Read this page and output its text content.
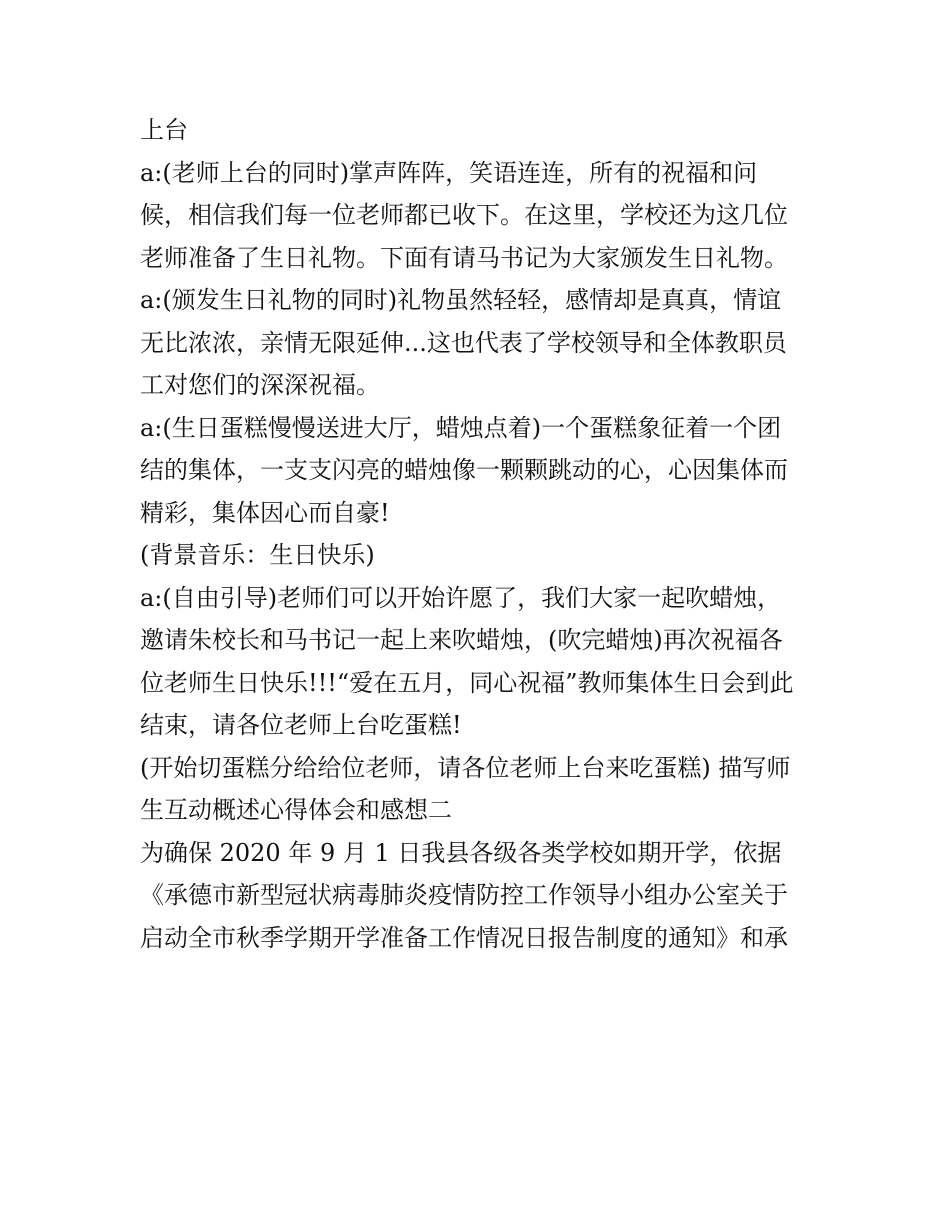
上台
a:(老师上台的同时)掌声阵阵，笑语连连，所有的祝福和问
候，相信我们每一位老师都已收下。在这里，学校还为这几位
老师准备了生日礼物。下面有请马书记为大家颁发生日礼物。
a:(颁发生日礼物的同时)礼物虽然轻轻，感情却是真真，情谊
无比浓浓，亲情无限延伸...这也代表了学校领导和全体教职员
工对您们的深深祝福。
a:(生日蛋糕慢慢送进大厅，蜡烛点着)一个蛋糕象征着一个团
结的集体，一支支闪亮的蜡烛像一颗颗跳动的心，心因集体而
精彩，集体因心而自豪!
(背景音乐：生日快乐)
a:(自由引导)老师们可以开始许愿了，我们大家一起吹蜡烛，
邀请朱校长和马书记一起上来吹蜡烛，(吹完蜡烛)再次祝福各
位老师生日快乐!!!“爱在五月，同心祝福”教师集体生日会到此
结束，请各位老师上台吃蛋糕!
(开始切蛋糕分给给位老师，请各位老师上台来吃蛋糕) 描写师
生互动概述心得体会和感想二
为确保 2020 年 9 月 1 日我县各级各类学校如期开学，依据
《承德市新型冠状病毒肺炎疫情防控工作领导小组办公室关于
启动全市秋季学期开学准备工作情况日报告制度的通知》和承
